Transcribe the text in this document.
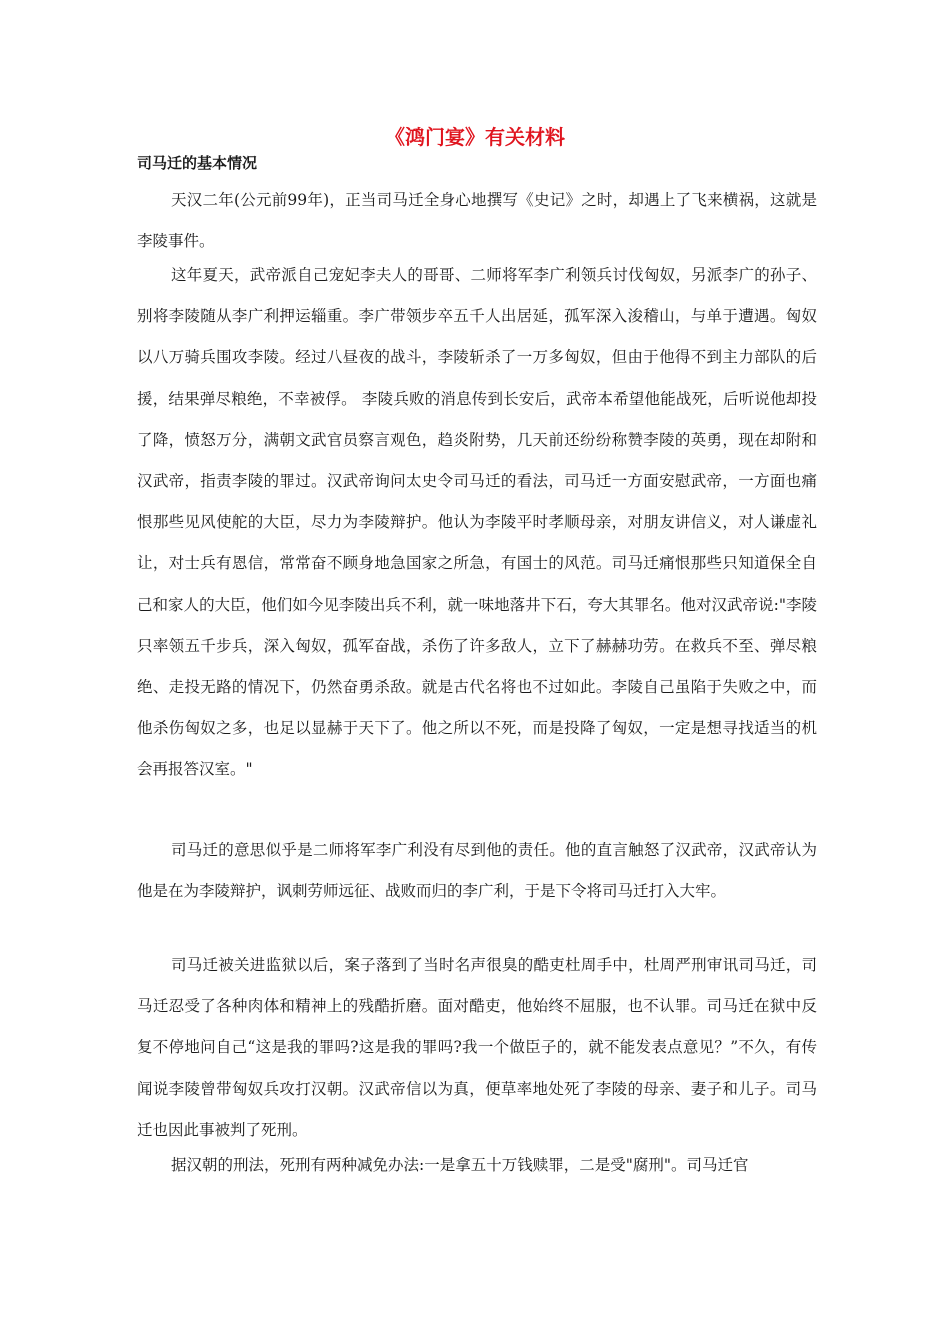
《鸿门宴》有关材料
司马迁的基本情况

天汉二年(公元前99年)，正当司马迁全身心地撰写《史记》之时，却遇上了飞来横祸，这就是李陵事件。

这年夏天，武帝派自己宠妃李夫人的哥哥、二师将军李广利领兵讨伐匈奴，另派李广的孙子、别将李陵随从李广利押运辎重。李广带领步卒五千人出居延，孤军深入浚稽山，与单于遭遇。匈奴以八万骑兵围攻李陵。经过八昼夜的战斗，李陵斩杀了一万多匈奴，但由于他得不到主力部队的后援，结果弹尽粮绝，不幸被俘。 李陵兵败的消息传到长安后，武帝本希望他能战死，后听说他却投了降，愤怒万分，满朝文武官员察言观色，趋炎附势，几天前还纷纷称赞李陵的英勇，现在却附和汉武帝，指责李陵的罪过。汉武帝询问太史令司马迁的看法，司马迁一方面安慰武帝，一方面也痛恨那些见风使舵的大臣，尽力为李陵辩护。他认为李陵平时孝顺母亲，对朋友讲信义，对人谦虚礼让，对士兵有恩信，常常奋不顾身地急国家之所急，有国士的风范。司马迁痛恨那些只知道保全自己和家人的大臣，他们如今见李陵出兵不利，就一味地落井下石，夸大其罪名。他对汉武帝说:"李陵只率领五千步兵，深入匈奴，孤军奋战，杀伤了许多敌人，立下了赫赫功劳。在救兵不至、弹尽粮绝、走投无路的情况下，仍然奋勇杀敌。就是古代名将也不过如此。李陵自己虽陷于失败之中，而他杀伤匈奴之多，也足以显赫于天下了。他之所以不死，而是投降了匈奴，一定是想寻找适当的机会再报答汉室。"

司马迁的意思似乎是二师将军李广利没有尽到他的责任。他的直言触怒了汉武帝，汉武帝认为他是在为李陵辩护，讽刺劳师远征、战败而归的李广利，于是下令将司马迁打入大牢。

司马迁被关进监狱以后，案子落到了当时名声很臭的酷吏杜周手中，杜周严刑审讯司马迁，司马迁忍受了各种肉体和精神上的残酷折磨。面对酷吏，他始终不屈服，也不认罪。司马迁在狱中反复不停地问自己“这是我的罪吗?这是我的罪吗?我一个做臣子的，就不能发表点意见？”不久，有传闻说李陵曾带匈奴兵攻打汉朝。汉武帝信以为真，便草率地处死了李陵的母亲、妻子和儿子。司马迁也因此事被判了死刑。

据汉朝的刑法，死刑有两种减免办法:一是拿五十万钱赎罪，二是受"腐刑"。司马迁官
